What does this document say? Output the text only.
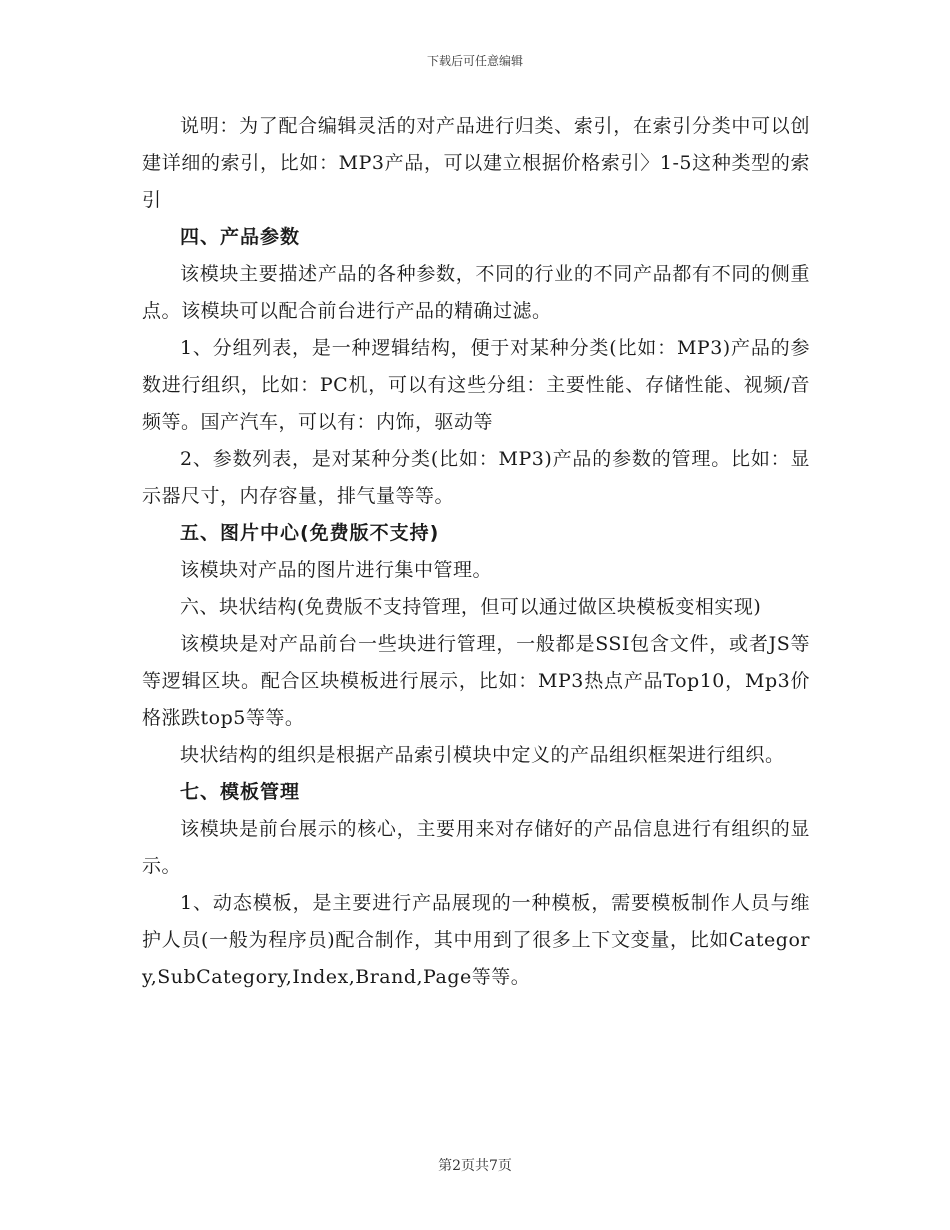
下载后可任意编辑

说明：为了配合编辑灵活的对产品进行归类、索引，在索引分类中可以创建详细的索引，比如：MP3产品，可以建立根据价格索引〉1-5这种类型的索引

四、产品参数

该模块主要描述产品的各种参数，不同的行业的不同产品都有不同的侧重点。该模块可以配合前台进行产品的精确过滤。

1、分组列表，是一种逻辑结构，便于对某种分类(比如：MP3)产品的参数进行组织，比如：PC机，可以有这些分组：主要性能、存储性能、视频/音频等。国产汽车，可以有：内饰，驱动等

2、参数列表，是对某种分类(比如：MP3)产品的参数的管理。比如：显示器尺寸，内存容量，排气量等等。

五、图片中心(免费版不支持)

该模块对产品的图片进行集中管理。

六、块状结构(免费版不支持管理，但可以通过做区块模板变相实现)

该模块是对产品前台一些块进行管理，一般都是SSI包含文件，或者JS等等逻辑区块。配合区块模板进行展示，比如：MP3热点产品Top10，Mp3价格涨跌top5等等。

块状结构的组织是根据产品索引模块中定义的产品组织框架进行组织。

七、模板管理

该模块是前台展示的核心，主要用来对存储好的产品信息进行有组织的显示。

1、动态模板，是主要进行产品展现的一种模板，需要模板制作人员与维护人员(一般为程序员)配合制作，其中用到了很多上下文变量，比如Category,SubCategory,Index,Brand,Page等等。

第2页共7页
